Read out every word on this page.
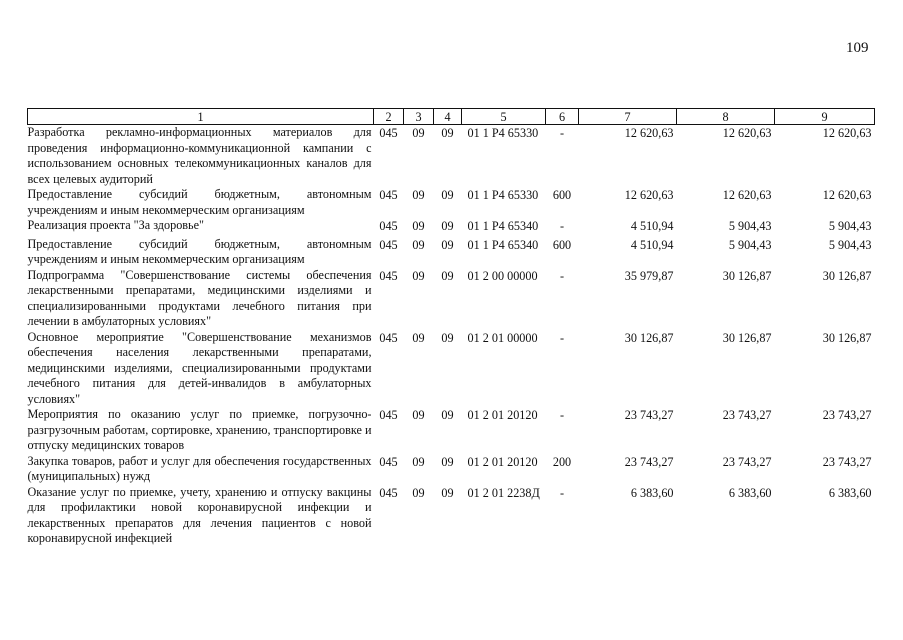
109
1	2	3	4	5	6	7	8	9
Разработка рекламно-информационных материалов для проведения информационно-коммуникационной кампании с использованием основных телекоммуникационных каналов для всех целевых аудиторий	045	09	09	01 1 P4 65330	-	12 620,63	12 620,63	12 620,63
Предоставление субсидий бюджетным, автономным учреждениям и иным некоммерческим организациям	045	09	09	01 1 P4 65330	600	12 620,63	12 620,63	12 620,63
Реализация проекта "За здоровье"	045	09	09	01 1 P4 65340	-	4 510,94	5 904,43	5 904,43
Предоставление субсидий бюджетным, автономным учреждениям и иным некоммерческим организациям	045	09	09	01 1 P4 65340	600	4 510,94	5 904,43	5 904,43
Подпрограмма "Совершенствование системы обеспечения лекарственными препаратами, медицинскими изделиями и специализированными продуктами лечебного питания при лечении в амбулаторных условиях"	045	09	09	01 2 00 00000	-	35 979,87	30 126,87	30 126,87
Основное мероприятие "Совершенствование механизмов обеспечения населения лекарственными препаратами, медицинскими изделиями, специализированными продуктами лечебного питания для детей-инвалидов в амбулаторных условиях"	045	09	09	01 2 01 00000	-	30 126,87	30 126,87	30 126,87
Мероприятия по оказанию услуг по приемке, погрузочно-разгрузочным работам, сортировке, хранению, транспортировке и отпуску медицинских товаров	045	09	09	01 2 01 20120	-	23 743,27	23 743,27	23 743,27
Закупка товаров, работ и услуг для обеспечения государственных (муниципальных) нужд	045	09	09	01 2 01 20120	200	23 743,27	23 743,27	23 743,27
Оказание услуг по приемке, учету, хранению и отпуску вакцины для профилактики новой коронавирусной инфекции и лекарственных препаратов для лечения пациентов с новой коронавирусной инфекцией	045	09	09	01 2 01 2238Д	-	6 383,60	6 383,60	6 383,60
